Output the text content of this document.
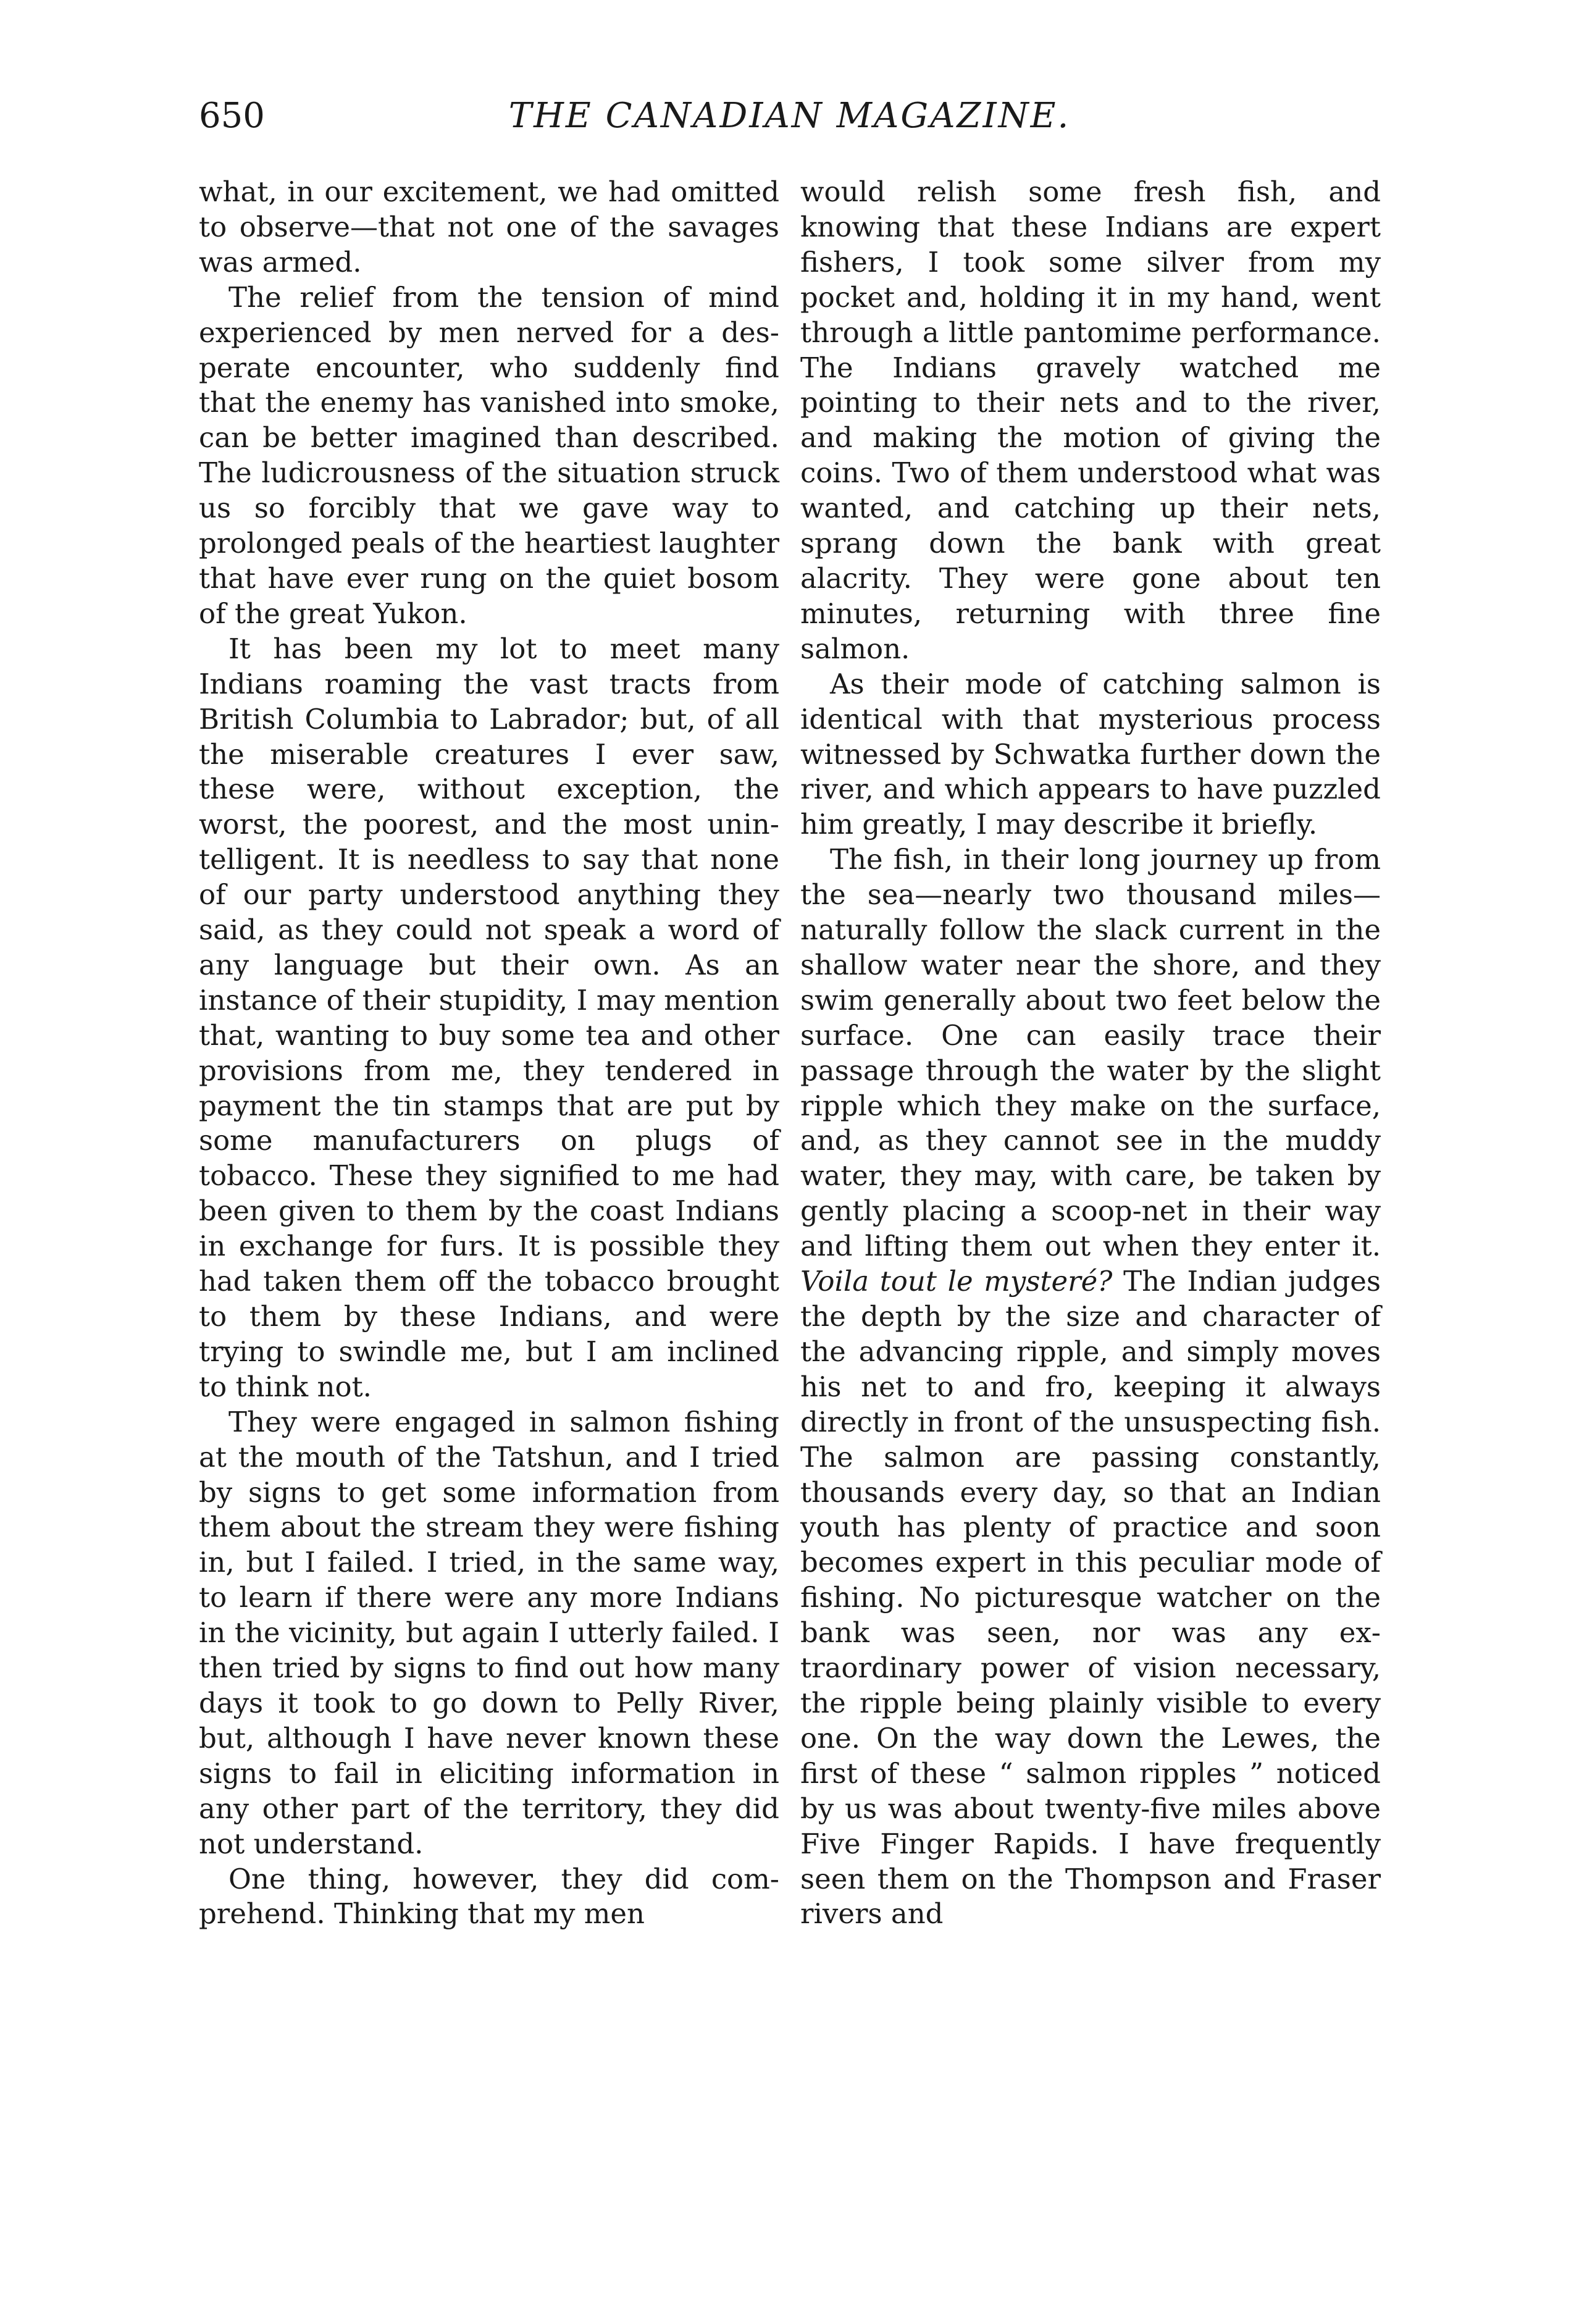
650	THE CANADIAN MAGAZINE.

what, in our excitement, we had omitted to observe—that not one of the savages was armed.

The relief from the tension of mind experienced by men nerved for a desperate encounter, who suddenly find that the enemy has vanished into smoke, can be better imagined than described. The ludicrousness of the situation struck us so forcibly that we gave way to prolonged peals of the heartiest laughter that have ever rung on the quiet bosom of the great Yukon.

It has been my lot to meet many Indians roaming the vast tracts from British Columbia to Labrador; but, of all the miserable creatures I ever saw, these were, without exception, the worst, the poorest, and the most unintelligent. It is needless to say that none of our party understood anything they said, as they could not speak a word of any language but their own. As an instance of their stupidity, I may mention that, wanting to buy some tea and other provisions from me, they tendered in payment the tin stamps that are put by some manufacturers on plugs of tobacco. These they signified to me had been given to them by the coast Indians in exchange for furs. It is possible they had taken them off the tobacco brought to them by these Indians, and were trying to swindle me, but I am inclined to think not.

They were engaged in salmon fishing at the mouth of the Tatshun, and I tried by signs to get some information from them about the stream they were fishing in, but I failed. I tried, in the same way, to learn if there were any more Indians in the vicinity, but again I utterly failed. I then tried by signs to find out how many days it took to go down to Pelly River, but, although I have never known these signs to fail in eliciting information in any other part of the territory, they did not understand.

One thing, however, they did comprehend. Thinking that my men

would relish some fresh fish, and knowing that these Indians are expert fishers, I took some silver from my pocket and, holding it in my hand, went through a little pantomime performance. The Indians gravely watched me pointing to their nets and to the river, and making the motion of giving the coins. Two of them understood what was wanted, and catching up their nets, sprang down the bank with great alacrity. They were gone about ten minutes, returning with three fine salmon.

As their mode of catching salmon is identical with that mysterious process witnessed by Schwatka further down the river, and which appears to have puzzled him greatly, I may describe it briefly.

The fish, in their long journey up from the sea—nearly two thousand miles—naturally follow the slack current in the shallow water near the shore, and they swim generally about two feet below the surface. One can easily trace their passage through the water by the slight ripple which they make on the surface, and, as they cannot see in the muddy water, they may, with care, be taken by gently placing a scoop-net in their way and lifting them out when they enter it. Voila tout le mysteré? The Indian judges the depth by the size and character of the advancing ripple, and simply moves his net to and fro, keeping it always directly in front of the unsuspecting fish. The salmon are passing constantly, thousands every day, so that an Indian youth has plenty of practice and soon becomes expert in this peculiar mode of fishing. No picturesque watcher on the bank was seen, nor was any extraordinary power of vision necessary, the ripple being plainly visible to every one. On the way down the Lewes, the first of these “ salmon ripples ” noticed by us was about twenty-five miles above Five Finger Rapids. I have frequently seen them on the Thompson and Fraser rivers and
